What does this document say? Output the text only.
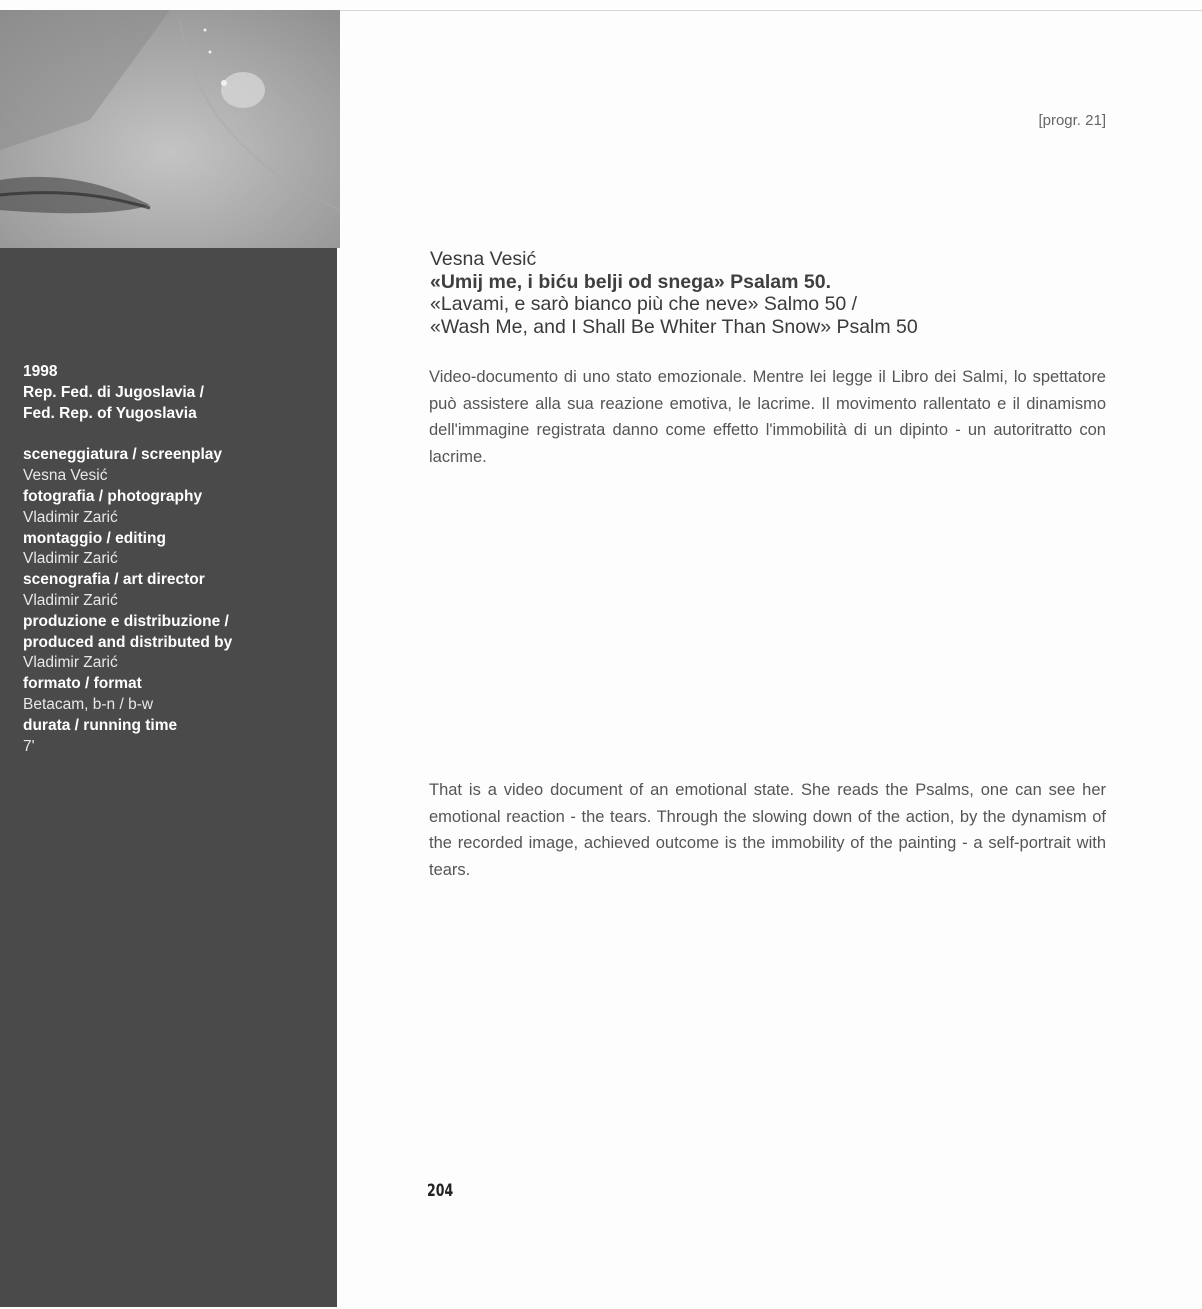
1998
Rep. Fed. di Jugoslavia /
Fed. Rep. of Yugoslavia
sceneggiatura / screenplay
Vesna Vesić
fotografia / photography
Vladimir Zarić
montaggio / editing
Vladimir Zarić
scenografia / art director
Vladimir Zarić
produzione e distribuzione /
produced and distributed by
Vladimir Zarić
formato / format
Betacam, b-n / b-w
durata / running time
7'
[progr. 21]
Vesna Vesić
«Umij me, i biću belji od snega» Psalam 50.
«Lavami, e sarò bianco più che neve» Salmo 50 /
«Wash Me, and I Shall Be Whiter Than Snow» Psalm 50
Video-documento di uno stato emozionale. Mentre lei legge il Libro dei Salmi, lo spettatore può assistere alla sua reazione emotiva, le lacrime. Il movimento rallentato e il dinamismo dell'immagine registrata danno come effetto l'immobilità di un dipinto - un autoritratto con lacrime.
That is a video document of an emotional state. She reads the Psalms, one can see her emotional reaction - the tears. Through the slowing down of the action, by the dynamism of the recorded image, achieved outcome is the immobility of the painting - a self-portrait with tears.
204
